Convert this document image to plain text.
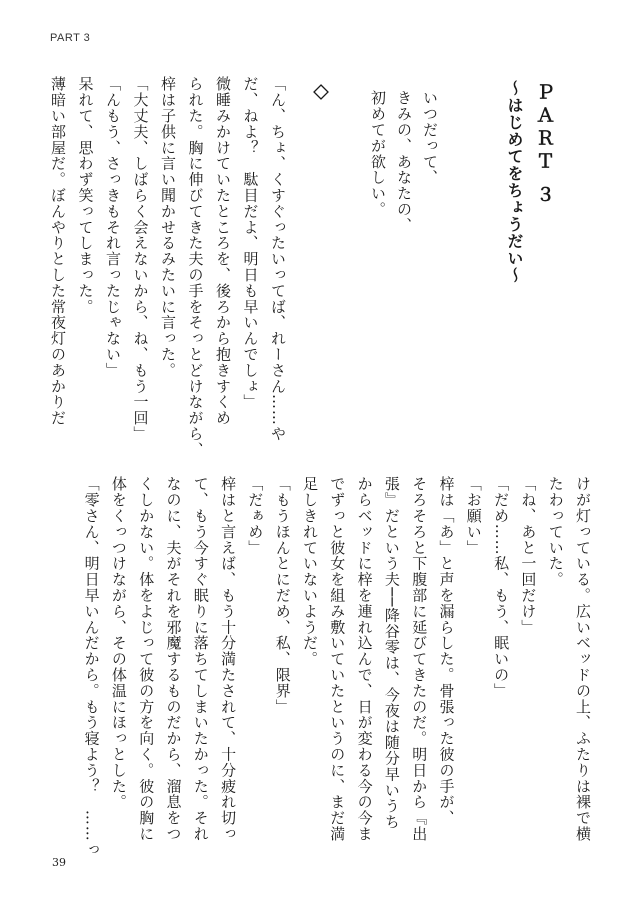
PART 3
ＰＡＲＴ ３
〜はじめてをちょうだい〜
いつだって、
きみの、あなたの、
初めてが欲しい。
「ん、ちょ、くすぐったいってば、れーさん……や
だ、ねよ？　駄目だよ、明日も早いんでしょ」
微睡みかけていたところを、後ろから抱きすくめ
られた。胸に伸びてきた夫の手をそっとどけながら、
梓は子供に言い聞かせるみたいに言った。
「大丈夫、しばらく会えないから、ね、もう一回」
「んもう、さっきもそれ言ったじゃない」
呆れて、思わず笑ってしまった。
薄暗い部屋だ。ぼんやりとした常夜灯のあかりだ
けが灯っている。広いベッドの上、ふたりは裸で横
たわっていた。
「ね、あと一回だけ」
「だめ……私、もう、眠いの」
「お願い」
梓は「あ」と声を漏らした。骨張った彼の手が、
そろそろと下腹部に延びてきたのだ。明日から『出
張』だという夫──降谷零は、今夜は随分早いうち
からベッドに梓を連れ込んで、日が変わる今の今ま
でずっと彼女を組み敷いていたというのに、まだ満
足しきれていないようだ。
「もうほんとにだめ、私、限界」
「だぁめ」
梓はと言えば、もう十分満たされて、十分疲れ切っ
て、もう今すぐ眠りに落ちてしまいたかった。それ
なのに、夫がそれを邪魔するものだから、溜息をつ
くしかない。体をよじって彼の方を向く。彼の胸に
体をくっつけながら、その体温にほっとした。
「零さん、明日早いんだから。もう寝よう？　……っ
39
